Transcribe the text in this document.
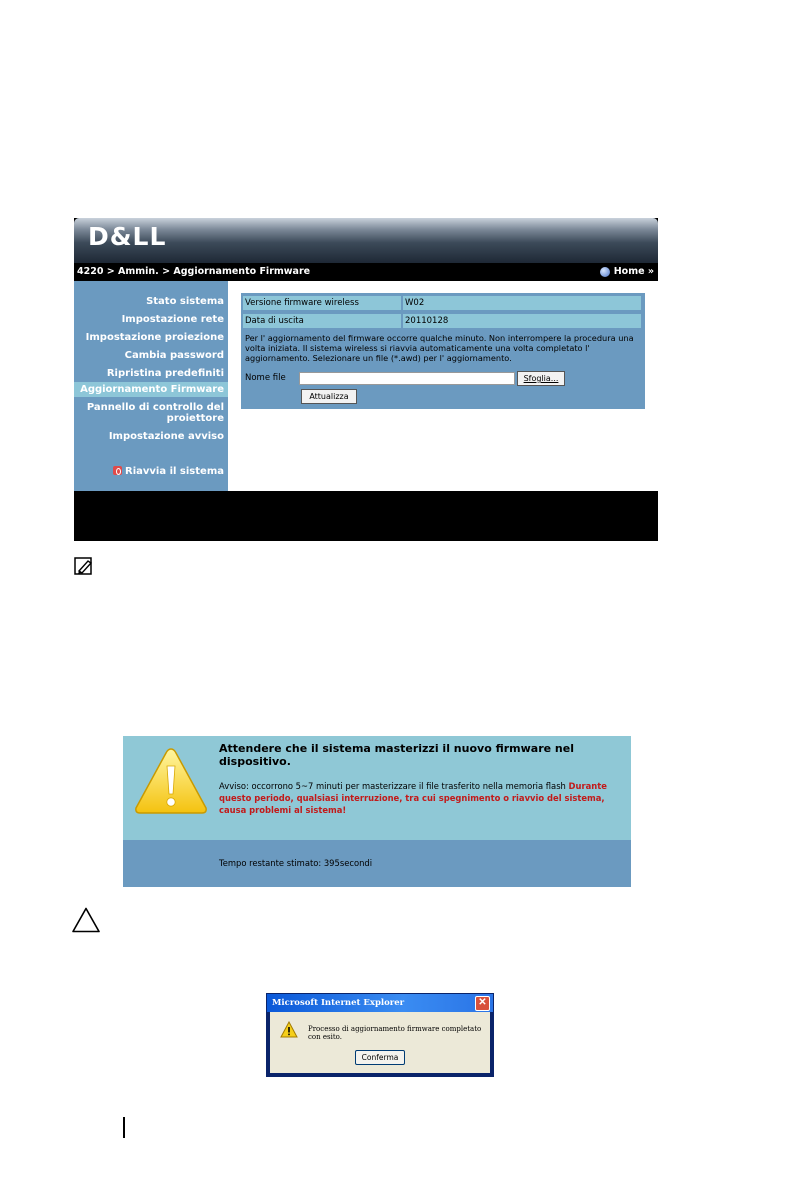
D&LL
4220 > Ammin. > Aggiornamento Firmware	Home »
Stato sistema
Impostazione rete
Impostazione proiezione
Cambia password
Ripristina predefiniti
Aggiornamento Firmware
Pannello di controllo del proiettore
Impostazione avviso
Riavvia il sistema
Versione firmware wireless	W02
Data di uscita	20110128
Per l' aggiornamento del firmware occorre qualche minuto. Non interrompere la procedura una volta iniziata. Il sistema wireless si riavvia automaticamente una volta completato l' aggiornamento. Selezionare un file (*.awd) per l' aggiornamento.
Nome file	Sfoglia...
Attualizza
Attendere che il sistema masterizzi il nuovo firmware nel dispositivo.
Avviso: occorrono 5~7 minuti per masterizzare il file trasferito nella memoria flash Durante questo periodo, qualsiasi interruzione, tra cui spegnimento o riavvio del sistema, causa problemi al sistema!
Tempo restante stimato: 395secondi
Microsoft Internet Explorer	✕
Processo di aggiornamento firmware completato con esito.
Conferma
